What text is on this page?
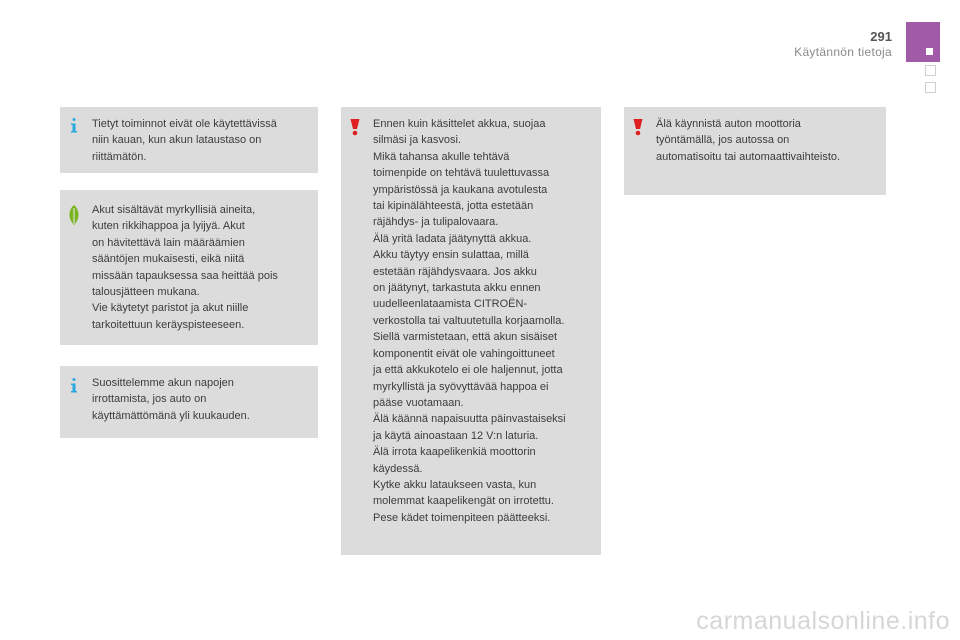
291
Käytännön tietoja

Tietyt toiminnot eivät ole käytettävissä

niin kauan, kun akun lataustaso on

riittämätön.

Akut sisältävät myrkyllisiä aineita,

kuten rikkihappoa ja lyijyä. Akut

on hävitettävä lain määräämien

sääntöjen mukaisesti, eikä niitä

missään tapauksessa saa heittää pois

talousjätteen mukana.

Vie käytetyt paristot ja akut niille

tarkoitettuun keräyspisteeseen.

Suosittelemme akun napojen

irrottamista, jos auto on

käyttämättömänä yli kuukauden.

Ennen kuin käsittelet akkua, suojaa

silmäsi ja kasvosi.

Mikä tahansa akulle tehtävä

toimenpide on tehtävä tuulettuvassa

ympäristössä ja kaukana avotulesta

tai kipinälähteestä, jotta estetään

räjähdys- ja tulipalovaara.

Älä yritä ladata jäätynyttä akkua.

Akku täytyy ensin sulattaa, millä

estetään räjähdysvaara. Jos akku

on jäätynyt, tarkastuta akku ennen

uudelleenlataamista CITROËN-

verkostolla tai valtuutetulla korjaamolla.

Siellä varmistetaan, että akun sisäiset

komponentit eivät ole vahingoittuneet

ja että akkukotelo ei ole haljennut, jotta

myrkyllistä ja syövyttävää happoa ei

pääse vuotamaan.

Älä käännä napaisuutta päinvastaiseksi

ja käytä ainoastaan 12 V:n laturia.

Älä irrota kaapelikenkiä moottorin

käydessä.

Kytke akku lataukseen vasta, kun

molemmat kaapelikengät on irrotettu.

Pese kädet toimenpiteen päätteeksi.

Älä käynnistä auton moottoria

työntämällä, jos autossa on

automatisoitu tai automaattivaihteisto.

carmanualsonline.info
